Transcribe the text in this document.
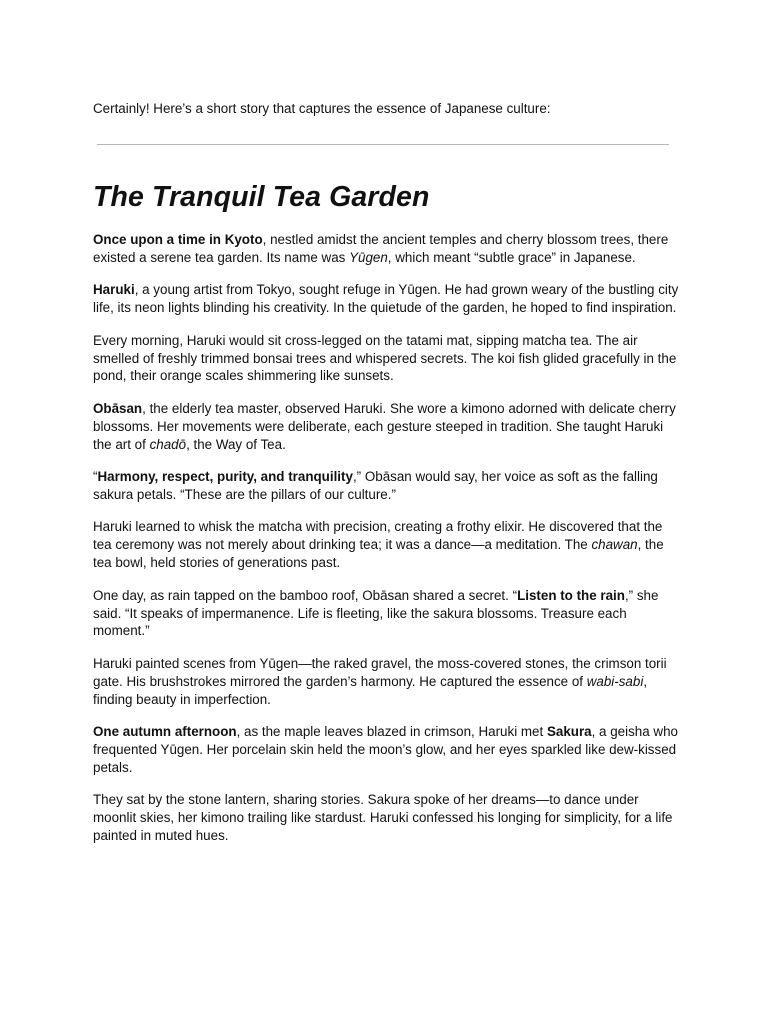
Certainly! Here’s a short story that captures the essence of Japanese culture:

The Tranquil Tea Garden

Once upon a time in Kyoto, nestled amidst the ancient temples and cherry blossom trees, there existed a serene tea garden. Its name was Yūgen, which meant “subtle grace” in Japanese.

Haruki, a young artist from Tokyo, sought refuge in Yūgen. He had grown weary of the bustling city life, its neon lights blinding his creativity. In the quietude of the garden, he hoped to find inspiration.

Every morning, Haruki would sit cross-legged on the tatami mat, sipping matcha tea. The air smelled of freshly trimmed bonsai trees and whispered secrets. The koi fish glided gracefully in the pond, their orange scales shimmering like sunsets.

Obāsan, the elderly tea master, observed Haruki. She wore a kimono adorned with delicate cherry blossoms. Her movements were deliberate, each gesture steeped in tradition. She taught Haruki the art of chadō, the Way of Tea.

“Harmony, respect, purity, and tranquility,” Obāsan would say, her voice as soft as the falling sakura petals. “These are the pillars of our culture.”

Haruki learned to whisk the matcha with precision, creating a frothy elixir. He discovered that the tea ceremony was not merely about drinking tea; it was a dance—a meditation. The chawan, the tea bowl, held stories of generations past.

One day, as rain tapped on the bamboo roof, Obāsan shared a secret. “Listen to the rain,” she said. “It speaks of impermanence. Life is fleeting, like the sakura blossoms. Treasure each moment.”

Haruki painted scenes from Yūgen—the raked gravel, the moss-covered stones, the crimson torii gate. His brushstrokes mirrored the garden’s harmony. He captured the essence of wabi-sabi, finding beauty in imperfection.

One autumn afternoon, as the maple leaves blazed in crimson, Haruki met Sakura, a geisha who frequented Yūgen. Her porcelain skin held the moon’s glow, and her eyes sparkled like dew-kissed petals.

They sat by the stone lantern, sharing stories. Sakura spoke of her dreams—to dance under moonlit skies, her kimono trailing like stardust. Haruki confessed his longing for simplicity, for a life painted in muted hues.
